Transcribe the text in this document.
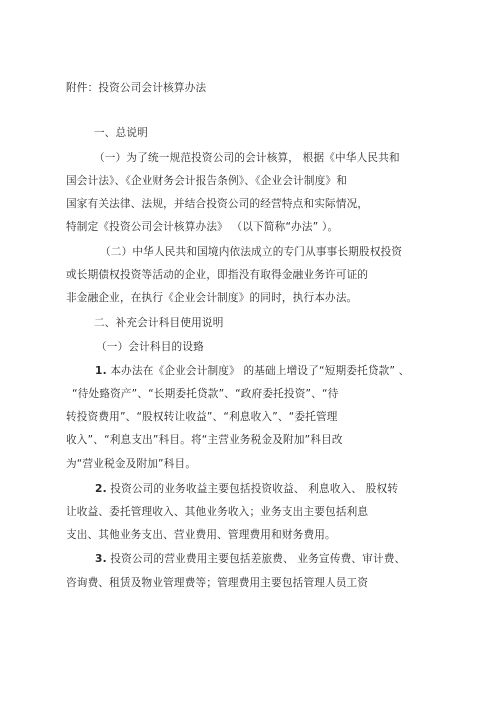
附件：投资公司会计核算办法
一、总说明
（一）为了统一规范投资公司的会计核算， 根据《中华人民共和
国会计法》、《企业财务会计报告条例》、《企业会计制度》和
国家有关法律、法规，并结合投资公司的经营特点和实际情况，
特制定《投资公司会计核算办法》 （以下简称“办法” ）。
（二）中华人民共和国境内依法成立的专门从事事长期股权投资
或长期债权投资等活动的企业，即指没有取得金融业务许可证的
非金融企业，在执行《企业会计制度》的同时，执行本办法。
二、补充会计科目使用说明
（一）会计科目的设臵
1. 本办法在《企业会计制度》 的基础上增设了“短期委托贷款” 、
“待处臵资产”、“长期委托贷款”、“政府委托投资”、“待
转投资费用”、“股权转让收益”、“利息收入”、“委托管理
收入”、“利息支出”科目。将“主营业务税金及附加”科目改
为“营业税金及附加”科目。
2. 投资公司的业务收益主要包括投资收益、 利息收入、 股权转
让收益、委托管理收入、其他业务收入；业务支出主要包括利息
支出、其他业务支出、营业费用、管理费用和财务费用。
3. 投资公司的营业费用主要包括差旅费、 业务宣传费、审计费、
咨询费、租赁及物业管理费等；管理费用主要包括管理人员工资
